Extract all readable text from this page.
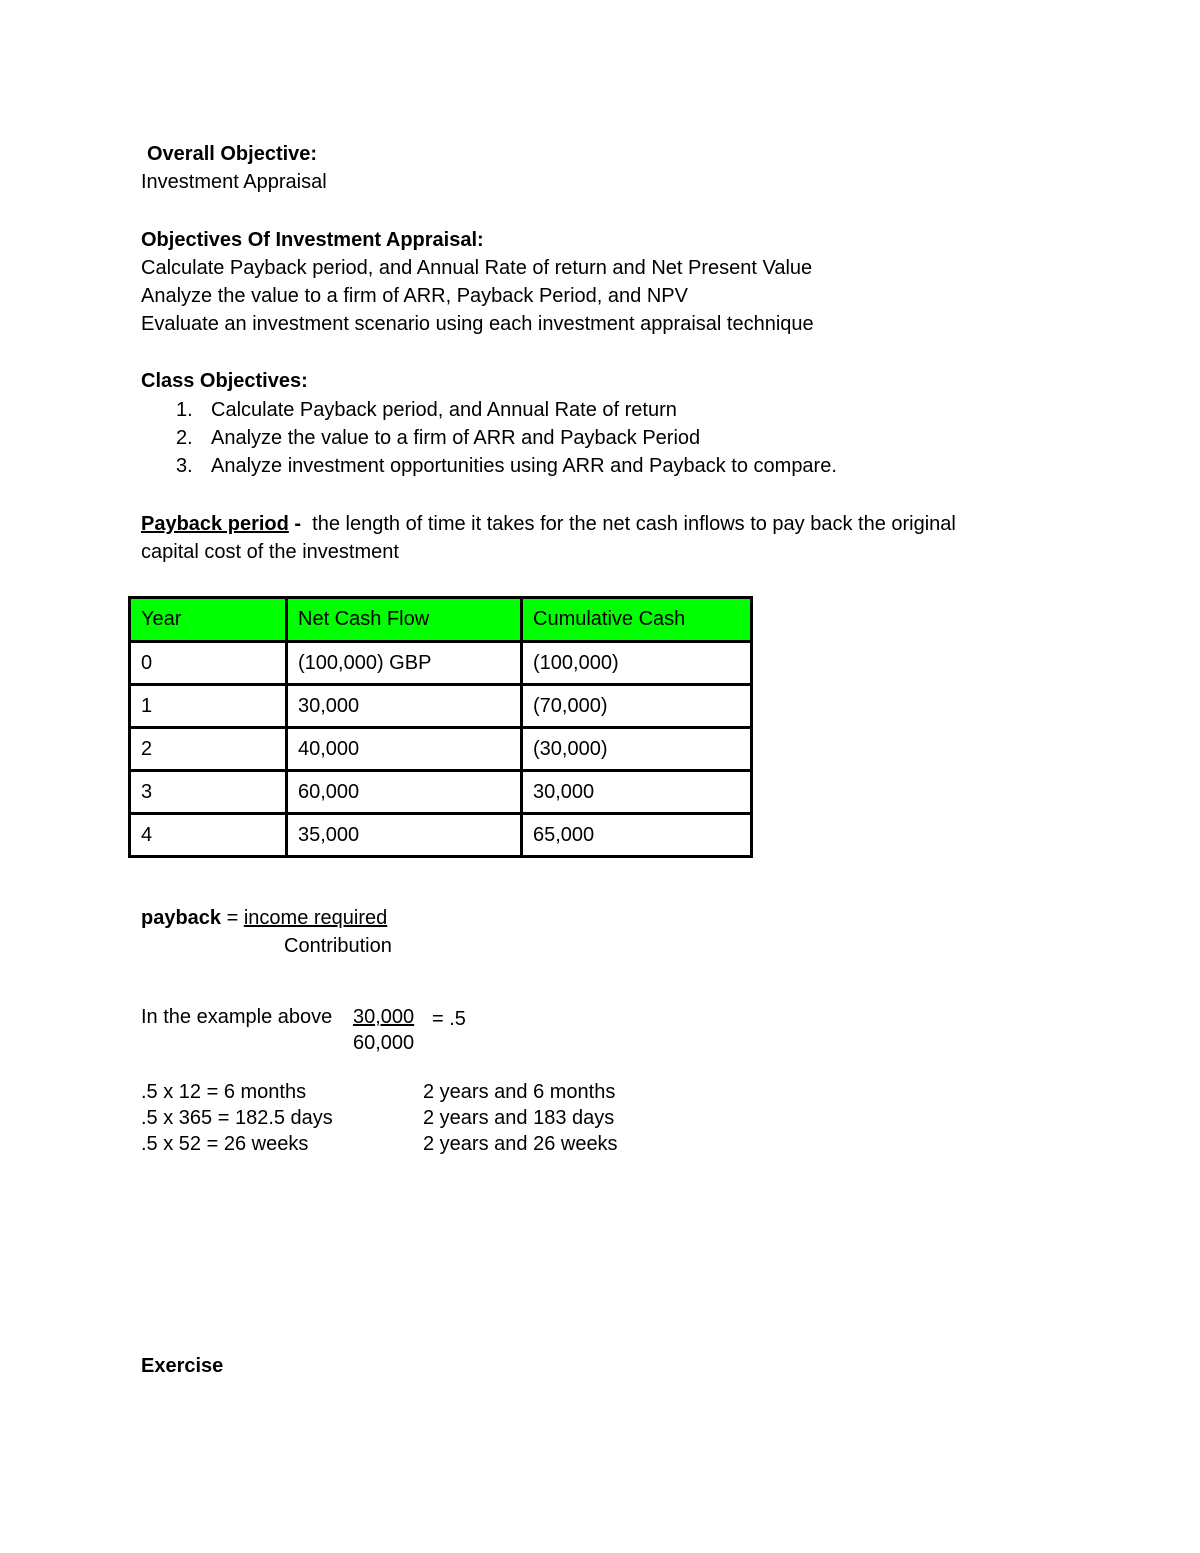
Overall Objective:
Investment Appraisal
Objectives Of Investment Appraisal:
Calculate Payback period, and Annual Rate of return and Net Present Value
Analyze the value to a firm of ARR, Payback Period, and NPV
Evaluate an investment scenario using each investment appraisal technique
Class Objectives:
1. Calculate Payback period, and Annual Rate of return
2. Analyze the value to a firm of ARR and Payback Period
3. Analyze investment opportunities using ARR and Payback to compare.
Payback period -  the length of time it takes for the net cash inflows to pay back the original
capital cost of the investment
Year	Net Cash Flow	Cumulative Cash
0	(100,000) GBP	(100,000)
1	30,000	(70,000)
2	40,000	(30,000)
3	60,000	30,000
4	35,000	65,000
payback = income required
Contribution
In the example above 30,000 = .5
60,000
.5 x 12 = 6 months	2 years and 6 months
.5 x 365 = 182.5 days	2 years and 183 days
.5 x 52 = 26 weeks	2 years and 26 weeks
Exercise
